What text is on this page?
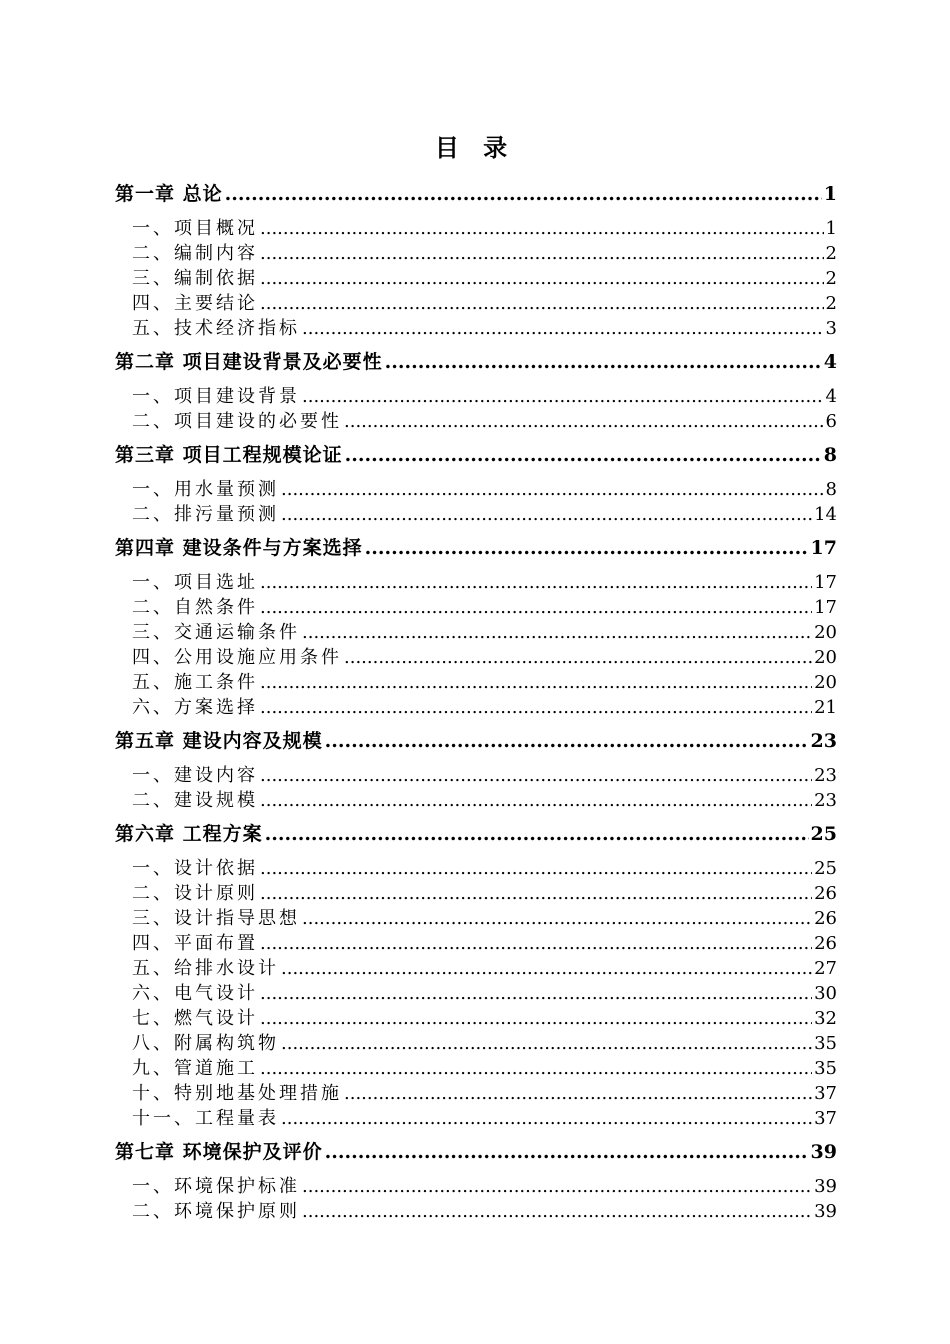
目 录
第一章 总论 .....	1
一、项目概况 .....	1
二、编制内容 .....	2
三、编制依据 .....	2
四、主要结论 .....	2
五、技术经济指标 .....	3
第二章 项目建设背景及必要性 .....	4
一、项目建设背景 .....	4
二、项目建设的必要性 .....	6
第三章 项目工程规模论证 .....	8
一、用水量预测 .....	8
二、排污量预测 .....	14
第四章 建设条件与方案选择 .....	17
一、项目选址 .....	17
二、自然条件 .....	17
三、交通运输条件 .....	20
四、公用设施应用条件 .....	20
五、施工条件 .....	20
六、方案选择 .....	21
第五章 建设内容及规模 .....	23
一、建设内容 .....	23
二、建设规模 .....	23
第六章 工程方案 .....	25
一、设计依据 .....	25
二、设计原则 .....	26
三、设计指导思想 .....	26
四、平面布置 .....	26
五、给排水设计 .....	27
六、电气设计 .....	30
七、燃气设计 .....	32
八、附属构筑物 .....	35
九、管道施工 .....	35
十、特别地基处理措施 .....	37
十一、工程量表 .....	37
第七章 环境保护及评价 .....	39
一、环境保护标准 .....	39
二、环境保护原则 .....	39
